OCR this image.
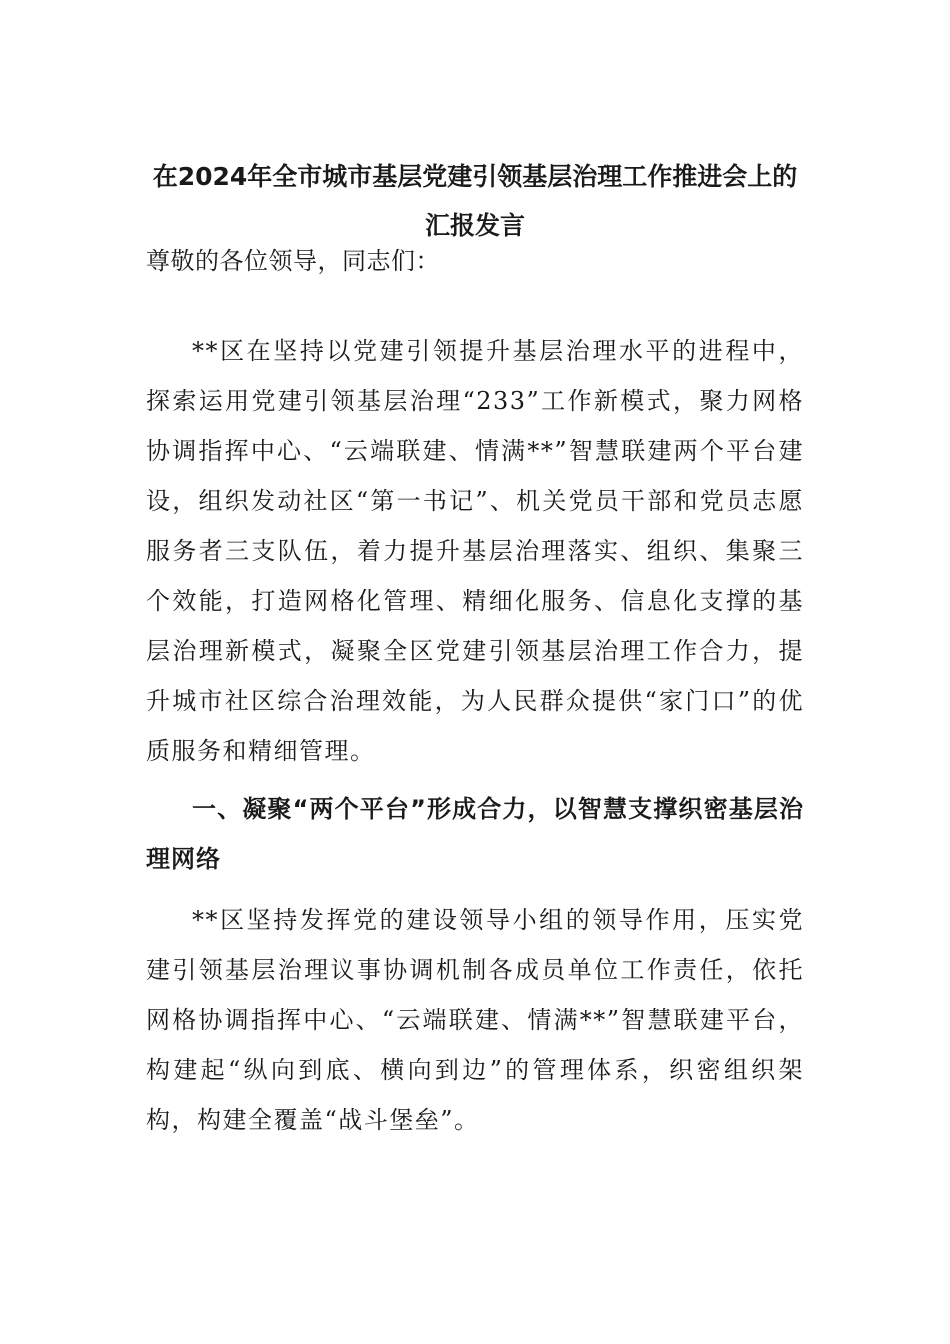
在2024年全市城市基层党建引领基层治理工作推进会上的
汇报发言

尊敬的各位领导，同志们：

**区在坚持以党建引领提升基层治理水平的进程中，探索运用党建引领基层治理“233”工作新模式，聚力网格协调指挥中心、“云端联建、情满**”智慧联建两个平台建设，组织发动社区“第一书记”、机关党员干部和党员志愿服务者三支队伍，着力提升基层治理落实、组织、集聚三个效能，打造网格化管理、精细化服务、信息化支撑的基层治理新模式，凝聚全区党建引领基层治理工作合力，提升城市社区综合治理效能，为人民群众提供“家门口”的优质服务和精细管理。

一、凝聚“两个平台”形成合力，以智慧支撑织密基层治理网络

**区坚持发挥党的建设领导小组的领导作用，压实党建引领基层治理议事协调机制各成员单位工作责任，依托网格协调指挥中心、“云端联建、情满**”智慧联建平台，构建起“纵向到底、横向到边”的管理体系，织密组织架构，构建全覆盖“战斗堡垒”。
